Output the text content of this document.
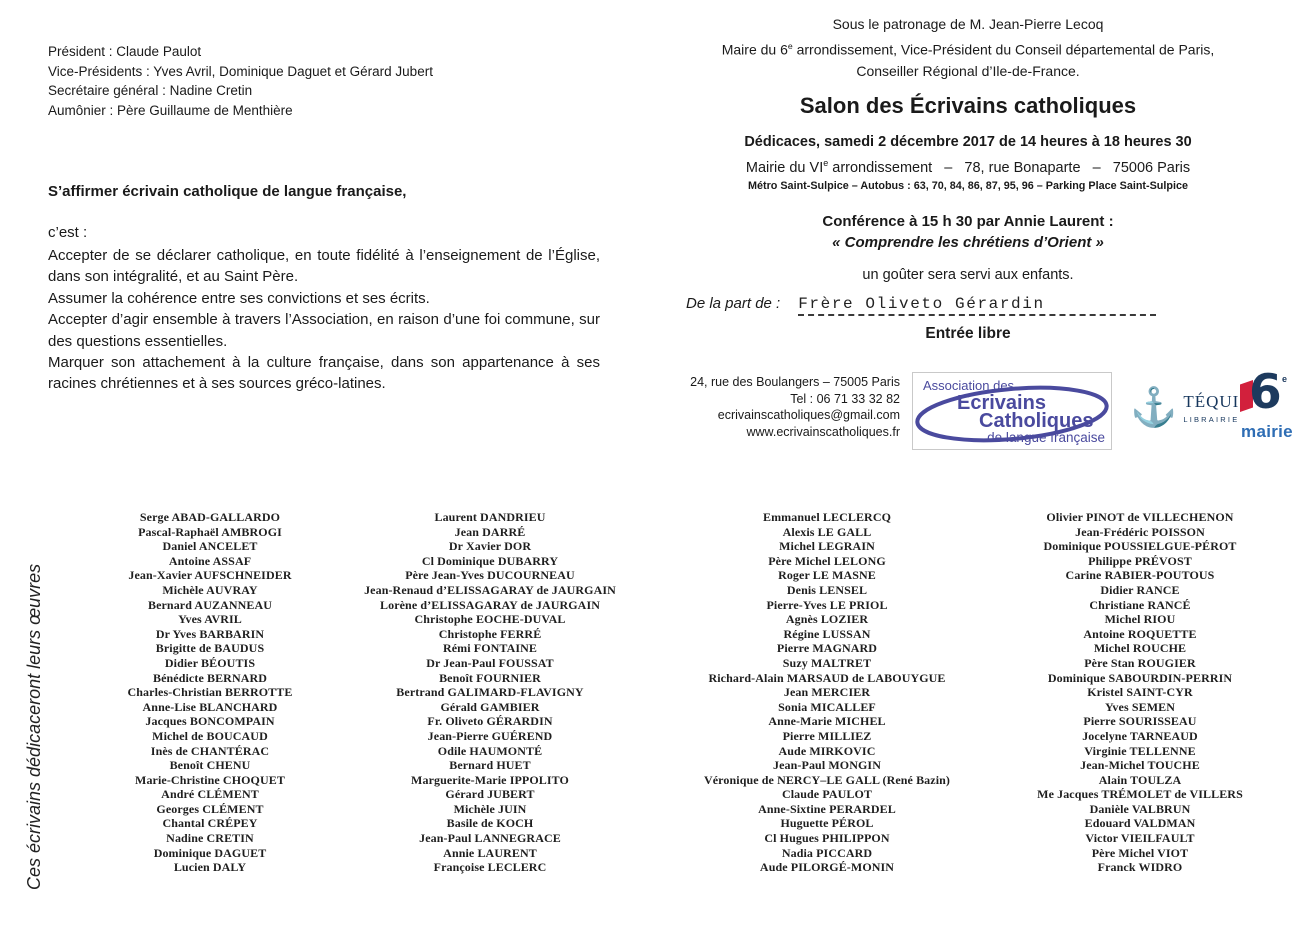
Président : Claude Paulot
Vice-Présidents : Yves Avril, Dominique Daguet et Gérard Jubert
Secrétaire général : Nadine Cretin
Aumônier : Père Guillaume de Menthière
S’affirmer écrivain catholique de langue française,
c’est :
Accepter de se déclarer catholique, en toute fidélité à l’enseignement de l’Église, dans son intégralité, et au Saint Père.
Assumer la cohérence entre ses convictions et ses écrits.
Accepter d’agir ensemble à travers l’Association, en raison d’une foi commune, sur des questions essentielles.
Marquer son attachement à la culture française, dans son appartenance à ses racines chrétiennes et à ses sources gréco-latines.
Ces écrivains dédicaceront leurs œuvres
Sous le patronage de M. Jean-Pierre Lecoq
Maire du 6e arrondissement, Vice-Président du Conseil départemental de Paris,
Conseiller Régional d’Ile-de-France.
Salon des Écrivains catholiques
Dédicaces, samedi 2 décembre 2017 de 14 heures à 18 heures 30
Mairie du VIe arrondissement   –   78, rue Bonaparte   –   75006 Paris
Métro Saint-Sulpice – Autobus : 63, 70, 84, 86, 87, 95, 96 – Parking Place Saint-Sulpice
Conférence à 15 h 30 par Annie Laurent :
« Comprendre les chrétiens d’Orient »
un goûter sera servi aux enfants.
De la part de : Frère Oliveto Gérardin
Entrée libre
24, rue des Boulangers – 75005 Paris
Tel : 06 71 33 32 82
ecrivainscatholiques@gmail.com
www.ecrivainscatholiques.fr
Association des
Ecrivains
Catholiques
de langue française
⚓ TÉQUI
LIBRAIRIE 6 e
mairie
Serge ABAD-GALLARDO
Pascal-Raphaël AMBROGI
Daniel ANCELET
Antoine ASSAF
Jean-Xavier AUFSCHNEIDER
Michèle AUVRAY
Bernard AUZANNEAU
Yves AVRIL
Dr Yves BARBARIN
Brigitte de BAUDUS
Didier BÉOUTIS
Bénédicte BERNARD
Charles-Christian BERROTTE
Anne-Lise BLANCHARD
Jacques BONCOMPAIN
Michel de BOUCAUD
Inès de CHANTÉRAC
Benoît CHENU
Marie-Christine CHOQUET
André CLÉMENT
Georges CLÉMENT
Chantal CRÉPEY
Nadine CRETIN
Dominique DAGUET
Lucien DALY
Laurent DANDRIEU
Jean DARRÉ
Dr Xavier DOR
Cl Dominique DUBARRY
Père Jean-Yves DUCOURNEAU
Jean-Renaud d’ELISSAGARAY de JAURGAIN
Lorène d’ELISSAGARAY de JAURGAIN
Christophe EOCHE-DUVAL
Christophe FERRÉ
Rémi FONTAINE
Dr Jean-Paul FOUSSAT
Benoît FOURNIER
Bertrand GALIMARD-FLAVIGNY
Gérald GAMBIER
Fr. Oliveto GÉRARDIN
Jean-Pierre GUÉREND
Odile HAUMONTÉ
Bernard HUET
Marguerite-Marie IPPOLITO
Gérard JUBERT
Michèle JUIN
Basile de KOCH
Jean-Paul LANNEGRACE
Annie LAURENT
Françoise LECLERC
Emmanuel LECLERCQ
Alexis LE GALL
Michel LEGRAIN
Père Michel LELONG
Roger LE MASNE
Denis LENSEL
Pierre-Yves LE PRIOL
Agnès LOZIER
Régine LUSSAN
Pierre MAGNARD
Suzy MALTRET
Richard-Alain MARSAUD de LABOUYGUE
Jean MERCIER
Sonia MICALLEF
Anne-Marie MICHEL
Pierre MILLIEZ
Aude MIRKOVIC
Jean-Paul MONGIN
Véronique de NERCY–LE GALL (René Bazin)
Claude PAULOT
Anne-Sixtine PERARDEL
Huguette PÉROL
Cl Hugues PHILIPPON
Nadia PICCARD
Aude PILORGÉ-MONIN
Olivier PINOT de VILLECHENON
Jean-Frédéric POISSON
Dominique POUSSIELGUE-PÉROT
Philippe PRÉVOST
Carine RABIER-POUTOUS
Didier RANCE
Christiane RANCÉ
Michel RIOU
Antoine ROQUETTE
Michel ROUCHE
Père Stan ROUGIER
Dominique SABOURDIN-PERRIN
Kristel SAINT-CYR
Yves SEMEN
Pierre SOURISSEAU
Jocelyne TARNEAUD
Virginie TELLENNE
Jean-Michel TOUCHE
Alain TOULZA
Me Jacques TRÉMOLET de VILLERS
Danièle VALBRUN
Edouard VALDMAN
Victor VIEILFAULT
Père Michel VIOT
Franck WIDRO
